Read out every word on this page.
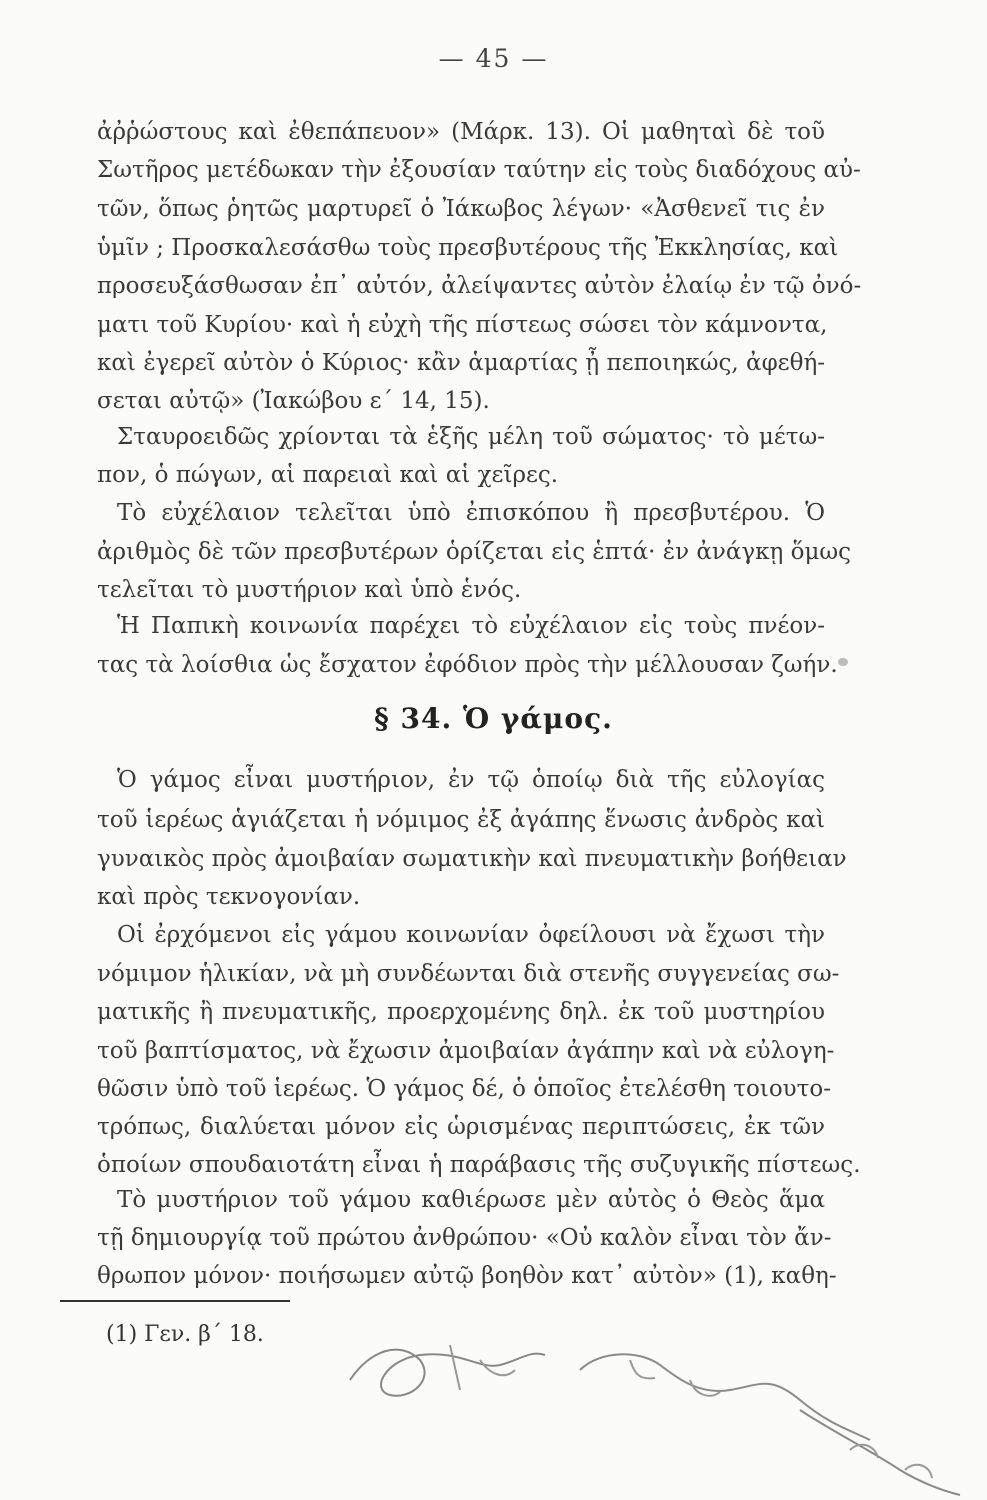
— 45 —
ἀῤῥώστους καὶ ἐθεπάπευον» (Μάρκ. 13). Οἱ μαθηταὶ δὲ τοῦ
Σωτῆρος μετέδωκαν τὴν ἐξουσίαν ταύτην εἰς τοὺς διαδόχους αὐ-
τῶν, ὅπως ῥητῶς μαρτυρεῖ ὁ Ἰάκωβος λέγων· «Ἀσθενεῖ τις ἐν
ὑμῖν ; Προσκαλεσάσθω τοὺς πρεσβυτέρους τῆς Ἐκκλησίας, καὶ
προσευξάσθωσαν ἐπ᾽ αὐτόν, ἀλείψαντες αὐτὸν ἐλαίῳ ἐν τῷ ὀνό-
ματι τοῦ Κυρίου· καὶ ἡ εὐχὴ τῆς πίστεως σώσει τὸν κάμνοντα,
καὶ ἐγερεῖ αὐτὸν ὁ Κύριος· κἂν ἁμαρτίας ᾖ πεποιηκώς, ἀφεθή-
σεται αὐτῷ» (Ἰακώβου ε´ 14, 15).
Σταυροειδῶς χρίονται τὰ ἑξῆς μέλη τοῦ σώματος· τὸ μέτω-
πον, ὁ πώγων, αἱ παρειαὶ καὶ αἱ χεῖρες.
Τὸ εὐχέλαιον τελεῖται ὑπὸ ἐπισκόπου ἢ πρεσβυτέρου. Ὁ
ἀριθμὸς δὲ τῶν πρεσβυτέρων ὁρίζεται εἰς ἑπτά· ἐν ἀνάγκῃ ὅμως
τελεῖται τὸ μυστήριον καὶ ὑπὸ ἑνός.
Ἡ Παπικὴ κοινωνία παρέχει τὸ εὐχέλαιον εἰς τοὺς πνέον-
τας τὰ λοίσθια ὡς ἔσχατον ἐφόδιον πρὸς τὴν μέλλουσαν ζωήν.
§ 34. Ὁ γάμος.
Ὁ γάμος εἶναι μυστήριον, ἐν τῷ ὁποίῳ διὰ τῆς εὐλογίας
τοῦ ἱερέως ἁγιάζεται ἡ νόμιμος ἐξ ἀγάπης ἕνωσις ἀνδρὸς καὶ
γυναικὸς πρὸς ἀμοιβαίαν σωματικὴν καὶ πνευματικὴν βοήθειαν
καὶ πρὸς τεκνογονίαν.
Οἱ ἐρχόμενοι εἰς γάμου κοινωνίαν ὀφείλουσι νὰ ἔχωσι τὴν
νόμιμον ἡλικίαν, νὰ μὴ συνδέωνται διὰ στενῆς συγγενείας σω-
ματικῆς ἢ πνευματικῆς, προερχομένης δηλ. ἐκ τοῦ μυστηρίου
τοῦ βαπτίσματος, νὰ ἔχωσιν ἀμοιβαίαν ἀγάπην καὶ νὰ εὐλογη-
θῶσιν ὑπὸ τοῦ ἱερέως. Ὁ γάμος δέ, ὁ ὁποῖος ἐτελέσθη τοιουτο-
τρόπως, διαλύεται μόνον εἰς ὡρισμένας περιπτώσεις, ἐκ τῶν
ὁποίων σπουδαιοτάτη εἶναι ἡ παράβασις τῆς συζυγικῆς πίστεως.
Τὸ μυστήριον τοῦ γάμου καθιέρωσε μὲν αὐτὸς ὁ Θεὸς ἅμα
τῇ δημιουργίᾳ τοῦ πρώτου ἀνθρώπου· «Οὐ καλὸν εἶναι τὸν ἄν-
θρωπον μόνον· ποιήσωμεν αὐτῷ βοηθὸν κατ᾽ αὐτὸν» (1), καθη-
(1) Γεν. β´ 18.
